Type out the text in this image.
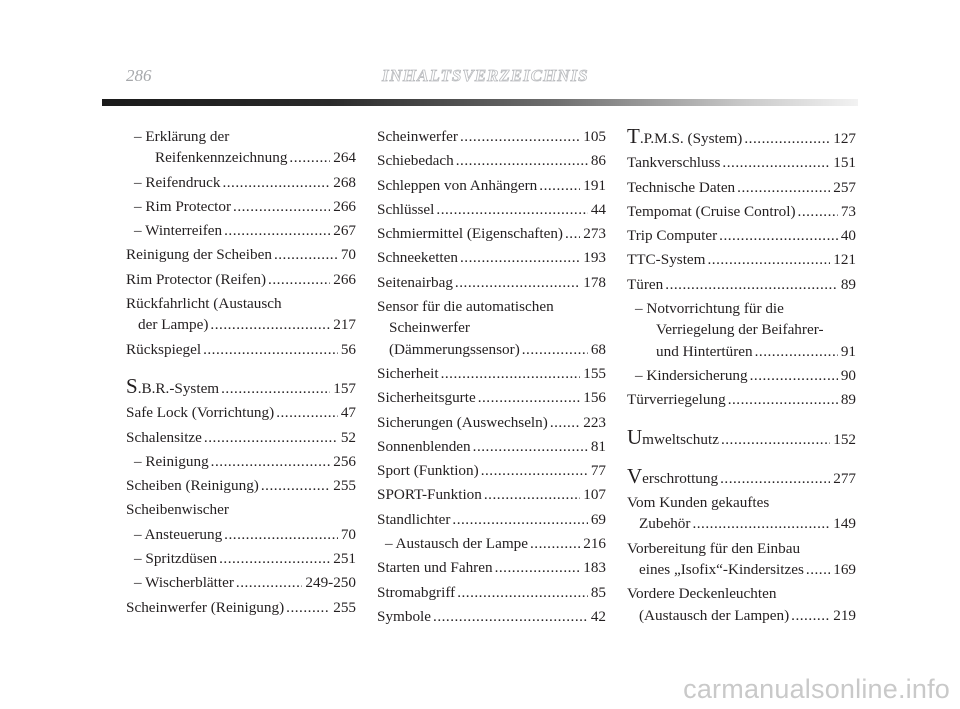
286	INHALTSVERZEICHNIS
– Erklärung der
Reifenkennzeichnung .....	264
– Reifendruck .....	268
– Rim Protector .....	266
– Winterreifen .....	267
Reinigung der Scheiben .....	70
Rim Protector (Reifen) .....	266
Rückfahrlicht (Austausch
der Lampe) .....	217
Rückspiegel .....	56
S.B.R.-System .....	157
Safe Lock (Vorrichtung) .....	47
Schalensitze .....	52
– Reinigung .....	256
Scheiben (Reinigung) .....	255
Scheibenwischer
– Ansteuerung .....	70
– Spritzdüsen .....	251
– Wischerblätter .....	249-250
Scheinwerfer (Reinigung) .....	255
Scheinwerfer .....	105
Schiebedach .....	86
Schleppen von Anhängern .....	191
Schlüssel .....	44
Schmiermittel (Eigenschaften) ..... 273
Schneeketten .....	193
Seitenairbag .....	178
Sensor für die automatischen
Scheinwerfer
(Dämmerungssensor) .....	68
Sicherheit .....	155
Sicherheitsgurte .....	156
Sicherungen (Auswechseln) ..... 223
Sonnenblenden .....	81
Sport (Funktion) .....	77
SPORT-Funktion .....	107
Standlichter .....	69
– Austausch der Lampe .....	216
Starten und Fahren .....	183
Stromabgriff .....	85
Symbole .....	42
T.P.M.S. (System) .....	127
Tankverschluss .....	151
Technische Daten .....	257
Tempomat (Cruise Control) .....	73
Trip Computer .....	40
TTC-System .....	121
Türen .....	89
– Notvorrichtung für die
Verriegelung der Beifahrer-
und Hintertüren .....	91
– Kindersicherung .....	90
Türverriegelung .....	89
Umweltschutz .....	152
Verschrottung .....	277
Vom Kunden gekauftes
Zubehör .....	149
Vorbereitung für den Einbau
eines „Isofix“-Kindersitzes ..... 169
Vordere Deckenleuchten
(Austausch der Lampen) .....	219
carmanualsonline.info
